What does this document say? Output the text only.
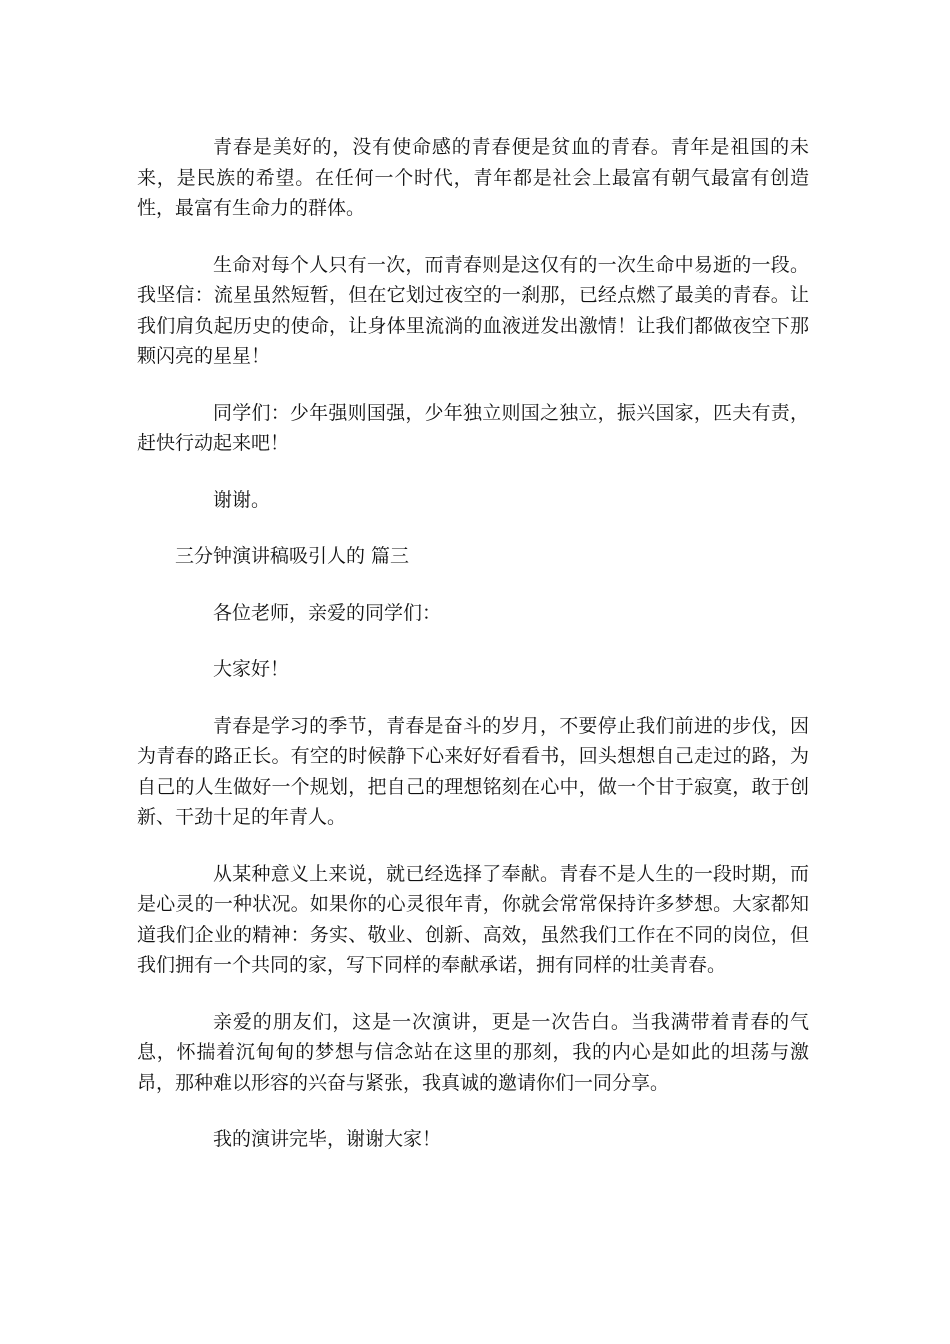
青春是美好的，没有使命感的青春便是贫血的青春。青年是祖国的未来，是民族的希望。在任何一个时代，青年都是社会上最富有朝气最富有创造性，最富有生命力的群体。

生命对每个人只有一次，而青春则是这仅有的一次生命中易逝的一段。我坚信：流星虽然短暂，但在它划过夜空的一刹那，已经点燃了最美的青春。让我们肩负起历史的使命，让身体里流淌的血液迸发出激情！让我们都做夜空下那颗闪亮的星星！

同学们：少年强则国强，少年独立则国之独立，振兴国家，匹夫有责，赶快行动起来吧！

谢谢。

三分钟演讲稿吸引人的 篇三

各位老师，亲爱的同学们：

大家好！

青春是学习的季节，青春是奋斗的岁月，不要停止我们前进的步伐，因为青春的路正长。有空的时候静下心来好好看看书，回头想想自己走过的路，为自己的人生做好一个规划，把自己的理想铭刻在心中，做一个甘于寂寞，敢于创新、干劲十足的年青人。

从某种意义上来说，就已经选择了奉献。青春不是人生的一段时期，而是心灵的一种状况。如果你的心灵很年青，你就会常常保持许多梦想。大家都知道我们企业的精神：务实、敬业、创新、高效，虽然我们工作在不同的岗位，但我们拥有一个共同的家，写下同样的奉献承诺，拥有同样的壮美青春。

亲爱的朋友们，这是一次演讲，更是一次告白。当我满带着青春的气息，怀揣着沉甸甸的梦想与信念站在这里的那刻，我的内心是如此的坦荡与激昂，那种难以形容的兴奋与紧张，我真诚的邀请你们一同分享。

我的演讲完毕，谢谢大家！
